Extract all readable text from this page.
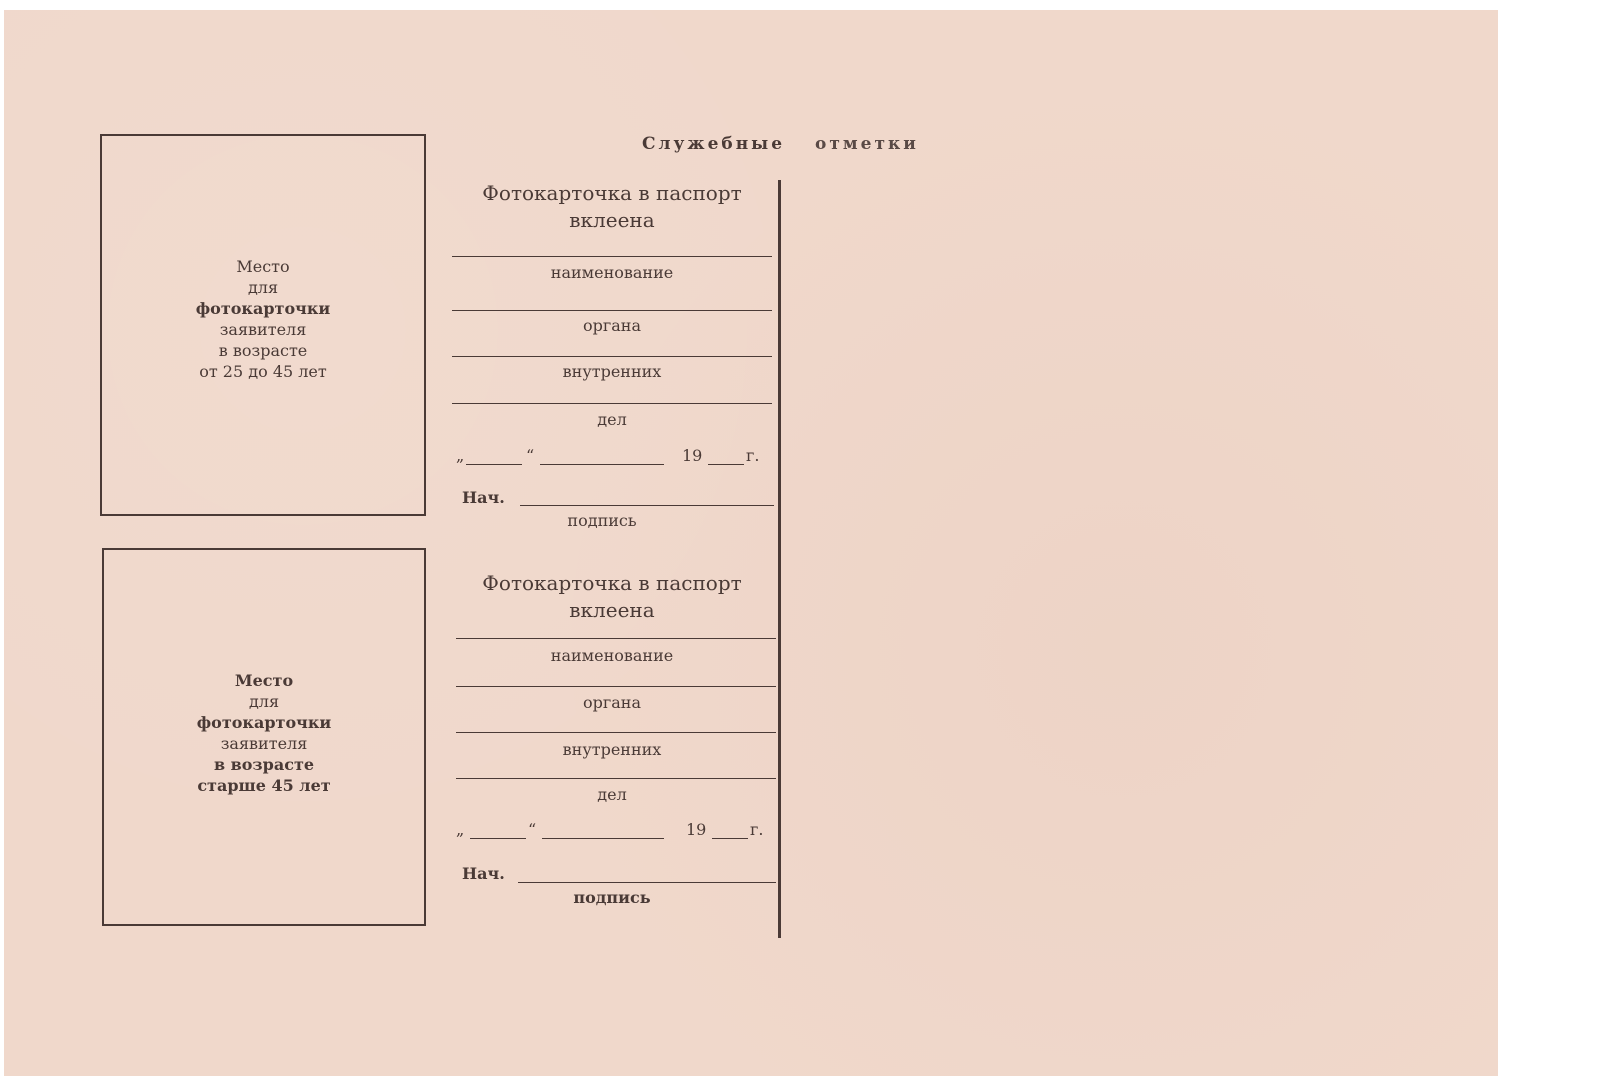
Служебные отметки
Место
для
фотокарточки
заявителя
в возрасте
от 25 до 45 лет
Место
для
фотокарточки
заявителя
в возрасте
старше 45 лет
Фотокарточка в паспорт
вклеена
наименование
органа
внутренних
дел
„	“	19	г.
Нач.
подпись
Фотокарточка в паспорт
вклеена
наименование
органа
внутренних
дел
„	“	19	г.
Нач.
подпись
